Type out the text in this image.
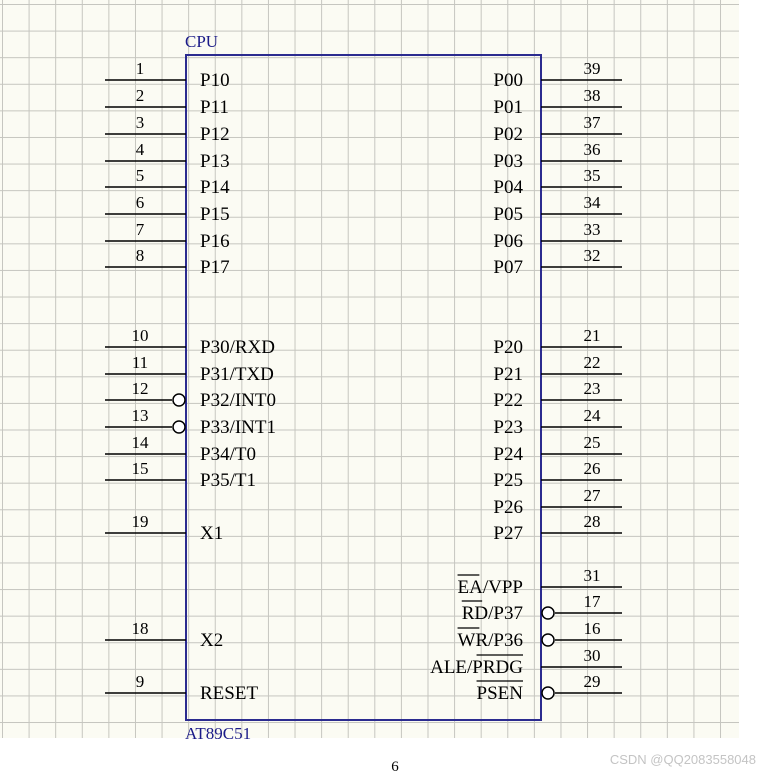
CPU
AT89C51
1
P10
2
P11
3
P12
4
P13
5
P14
6
P15
7
P16
8
P17
10
P30/RXD
11
P31/TXD
12
P32/INT0
13
P33/INT1
14
P34/T0
15
P35/T1
19
X1
18
X2
9
RESET
39
P00
38
P01
37
P02
36
P03
35
P04
34
P05
33
P06
32
P07
21
P20
22
P21
23
P22
24
P23
25
P24
26
P25
27
P26
28
P27
31
EA/VPP
17
RD/P37
16
WR/P36
30
ALE/PRDG
29
PSEN
6	CSDN @QQ2083558048
